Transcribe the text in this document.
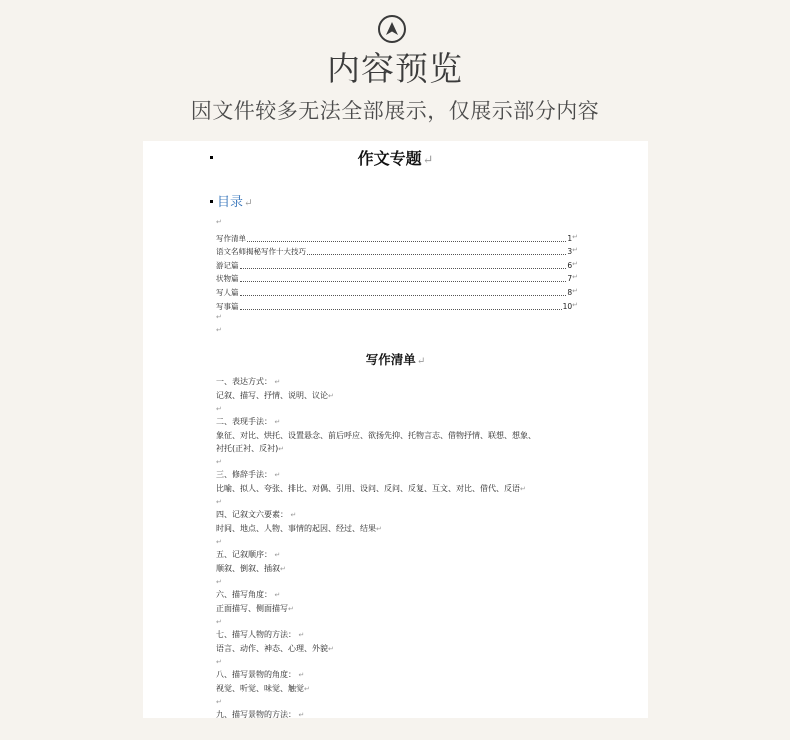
内容预览
因文件较多无法全部展示，仅展示部分内容
作文专题↵
目录↵
↵
写作清单	1 ↵
语文名师揭秘写作十大技巧	3 ↵
游记篇	6 ↵
状物篇	7 ↵
写人篇	8 ↵
写事篇	10 ↵
↵
↵
写作清单↵
一、表达方式： ↵
记叙、描写、抒情、说明、议论↵
↵
二、表现手法： ↵
象征、对比、烘托、设置悬念、前后呼应、欲扬先抑、托物言志、借物抒情、联想、想象、
衬托(正衬、反衬)↵
↵
三、修辞手法： ↵
比喻、拟人、夸张、排比、对偶、引用、设问、反问、反复、互文、对比、借代、反语↵
↵
四、记叙文六要素： ↵
时间、地点、人物、事情的起因、经过、结果↵
↵
五、记叙顺序： ↵
顺叙、倒叙、插叙↵
↵
六、描写角度： ↵
正面描写、侧面描写↵
↵
七、描写人物的方法： ↵
语言、动作、神态、心理、外貌↵
↵
八、描写景物的角度： ↵
视觉、听觉、味觉、触觉↵
↵
九、描写景物的方法： ↵
